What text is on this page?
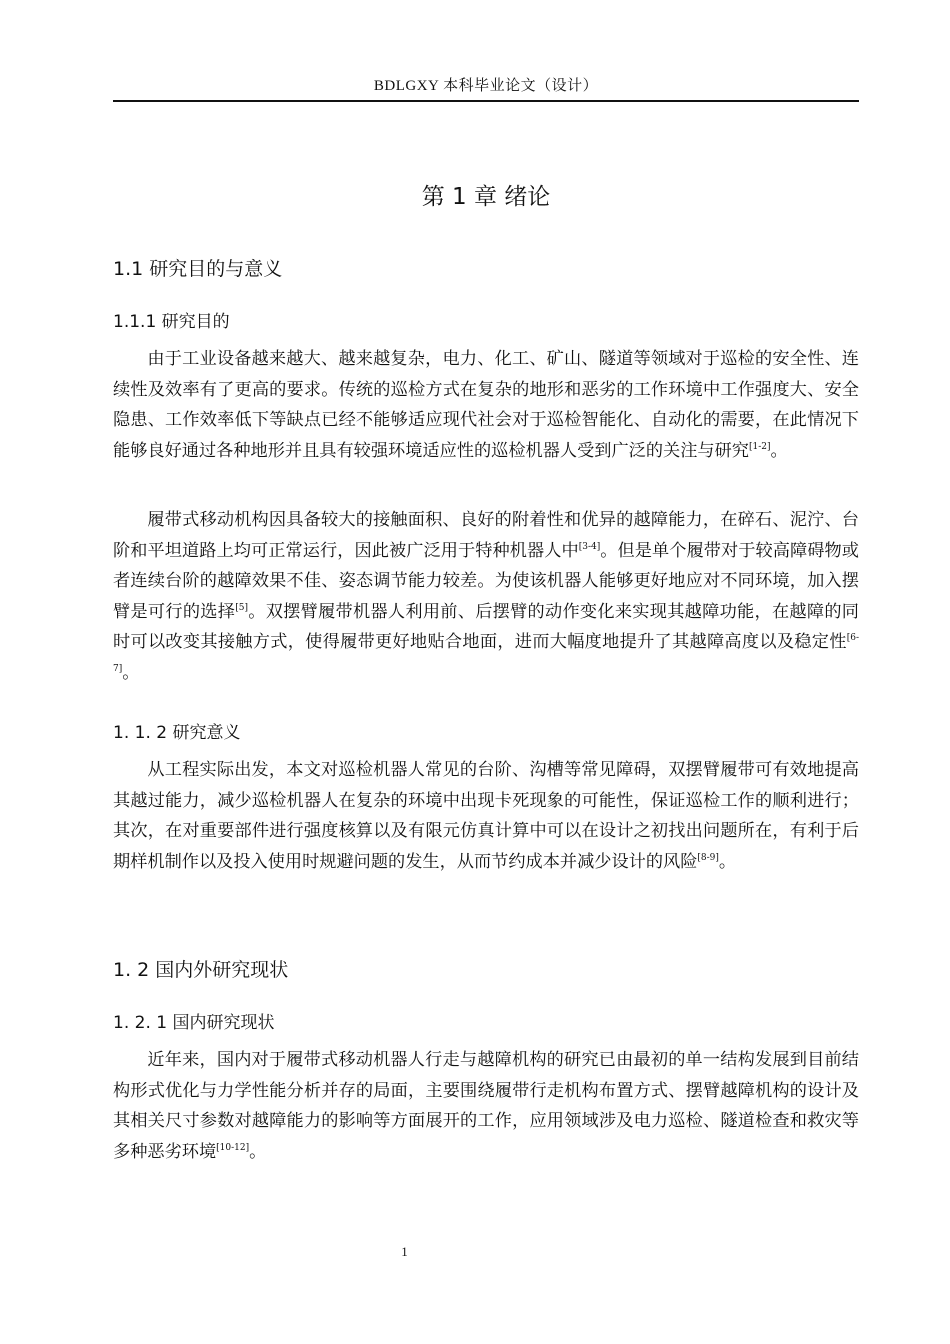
BDLGXY 本科毕业论文（设计）
第 1 章 绪论
1.1 研究目的与意义
1.1.1 研究目的
由于工业设备越来越大、越来越复杂，电力、化工、矿山、隧道等领域对于巡检的安全性、连续性及效率有了更高的要求。传统的巡检方式在复杂的地形和恶劣的工作环境中工作强度大、安全隐患、工作效率低下等缺点已经不能够适应现代社会对于巡检智能化、自动化的需要，在此情况下能够良好通过各种地形并且具有较强环境适应性的巡检机器人受到广泛的关注与研究[1-2]。
履带式移动机构因具备较大的接触面积、良好的附着性和优异的越障能力，在碎石、泥泞、台阶和平坦道路上均可正常运行，因此被广泛用于特种机器人中[3-4]。但是单个履带对于较高障碍物或者连续台阶的越障效果不佳、姿态调节能力较差。为使该机器人能够更好地应对不同环境，加入摆臂是可行的选择[5]。双摆臂履带机器人利用前、后摆臂的动作变化来实现其越障功能，在越障的同时可以改变其接触方式，使得履带更好地贴合地面，进而大幅度地提升了其越障高度以及稳定性[6-7]。
1. 1. 2 研究意义
从工程实际出发，本文对巡检机器人常见的台阶、沟槽等常见障碍，双摆臂履带可有效地提高其越过能力，减少巡检机器人在复杂的环境中出现卡死现象的可能性，保证巡检工作的顺利进行；其次，在对重要部件进行强度核算以及有限元仿真计算中可以在设计之初找出问题所在，有利于后期样机制作以及投入使用时规避问题的发生，从而节约成本并减少设计的风险[8-9]。
1. 2 国内外研究现状
1. 2. 1 国内研究现状
近年来，国内对于履带式移动机器人行走与越障机构的研究已由最初的单一结构发展到目前结构形式优化与力学性能分析并存的局面，主要围绕履带行走机构布置方式、摆臂越障机构的设计及其相关尺寸参数对越障能力的影响等方面展开的工作，应用领域涉及电力巡检、隧道检查和救灾等多种恶劣环境[10-12]。
1
